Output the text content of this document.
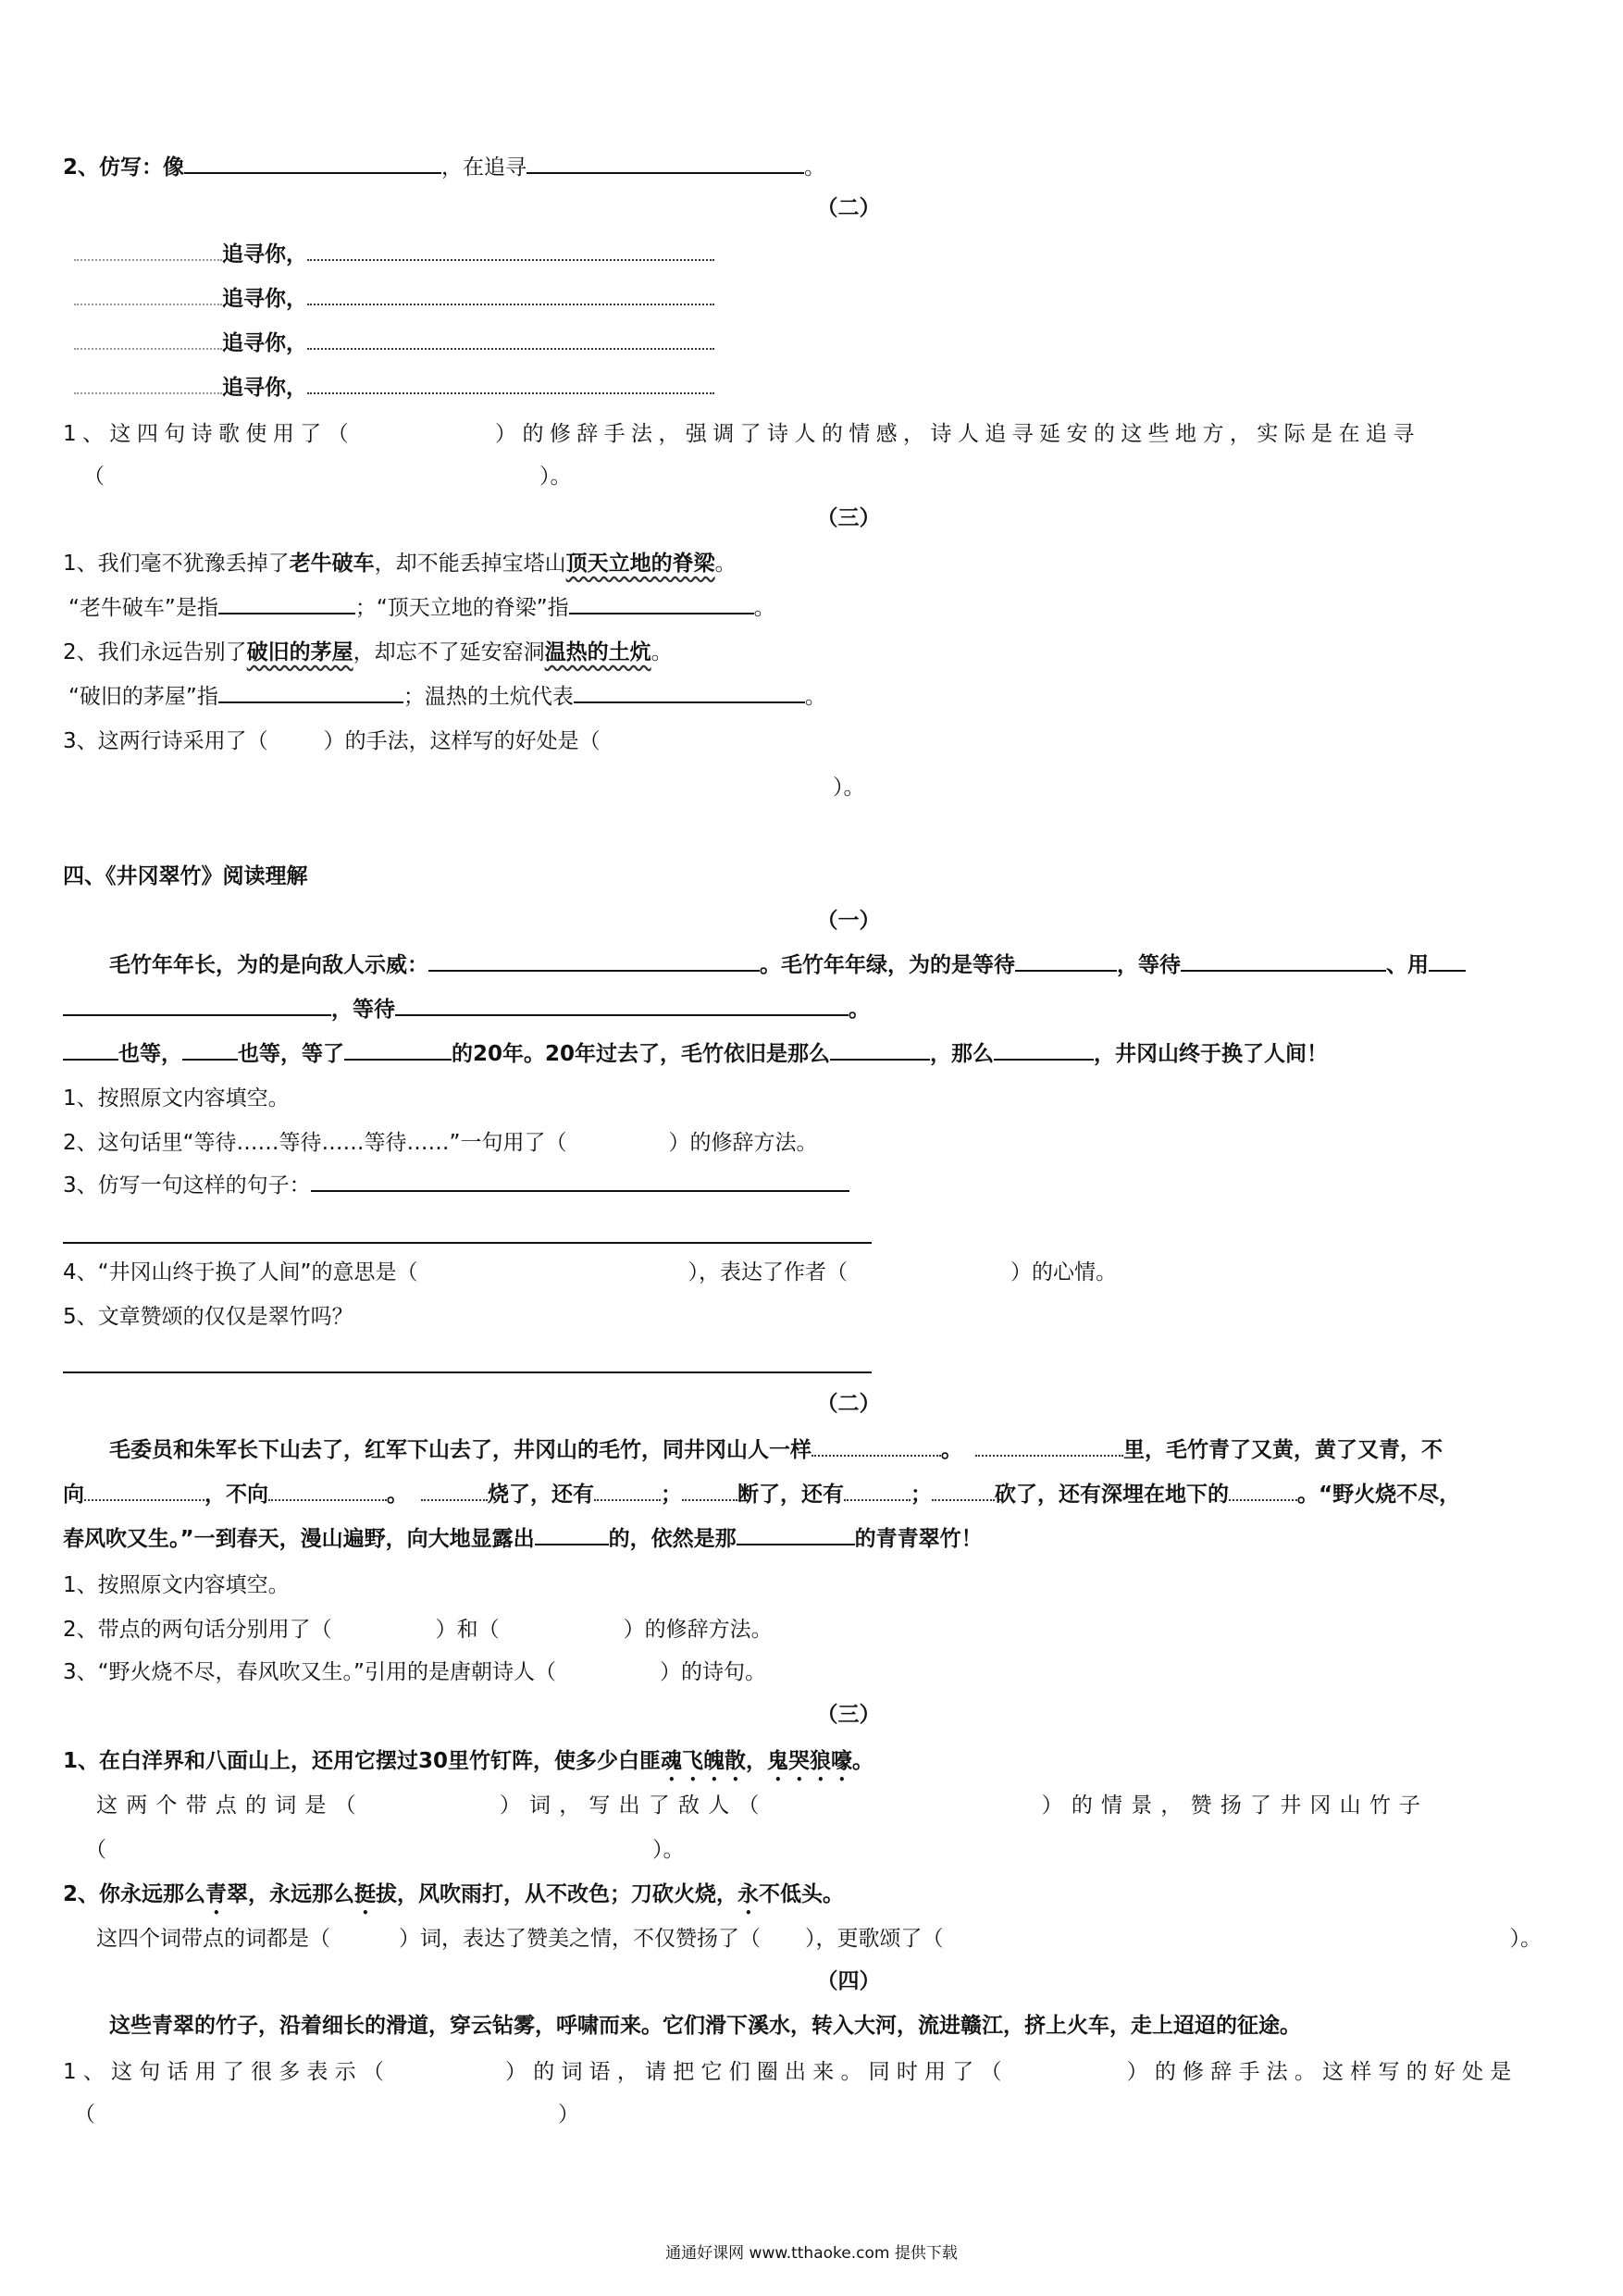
2、仿写：像	，在追寻	。
（二）
追寻你，
追寻你，
追寻你，
追寻你，
1、这四句诗歌使用了（	）的修辞手法，强调了诗人的情感，诗人追寻延安的这些地方，实际是在追寻
（	）。
（三）
1、我们毫不犹豫丢掉了老牛破车，却不能丢掉宝塔山顶天立地的脊梁。
“老牛破车”是指	；“顶天立地的脊梁”指	。
2、我们永远告别了破旧的茅屋，却忘不了延安窑洞温热的土炕。
“破旧的茅屋”指	；温热的土炕代表	。
3、这两行诗采用了（	）的手法，这样写的好处是（
）。
四、《井冈翠竹》阅读理解
（一）
毛竹年年长，为的是向敌人示威：	。毛竹年年绿，为的是等待	，等待	、用
，等待	。
也等，	也等，等了	的20年。20年过去了，毛竹依旧是那么	，那么	，井冈山终于换了人间！
1、按照原文内容填空。
2、这句话里“等待……等待……等待……”一句用了（	）的修辞方法。
3、仿写一句这样的句子：
4、“井冈山终于换了人间”的意思是（	），表达了作者（	）的心情。
5、文章赞颂的仅仅是翠竹吗？
（二）
毛委员和朱军长下山去了，红军下山去了，井冈山的毛竹，同井冈山人一样	。	里，毛竹青了又黄，黄了又青，不
向	，不向	。	烧了，还有	；	断了，还有	；	砍了，还有深埋在地下的	。“野火烧不尽，
春风吹又生。”一到春天，漫山遍野，向大地显露出	的，依然是那	的青青翠竹！
1、按照原文内容填空。
2、带点的两句话分别用了（	）和（	）的修辞方法。
3、“野火烧不尽，春风吹又生。”引用的是唐朝诗人（	）的诗句。
（三）
1、在白洋界和八面山上，还用它摆过30里竹钉阵，使多少白匪魂飞魄散，鬼哭狼嚎。
这两个带点的词是（	）词，写出了敌人（	）的情景，赞扬了井冈山竹子
（	）。
2、你永远那么青翠，永远那么挺拔，风吹雨打，从不改色；刀砍火烧，永不低头。
这四个词带点的词都是（	）词，表达了赞美之情，不仅赞扬了（ ），更歌颂了（	）。
（四）
这些青翠的竹子，沿着细长的滑道，穿云钻雾，呼啸而来。它们滑下溪水，转入大河，流进赣江，挤上火车，走上迢迢的征途。
1、这句话用了很多表示（	）的词语，请把它们圈出来。同时用了（	）的修辞手法。这样写的好处是
（	）
通通好课网 www.tthaoke.com 提供下载
